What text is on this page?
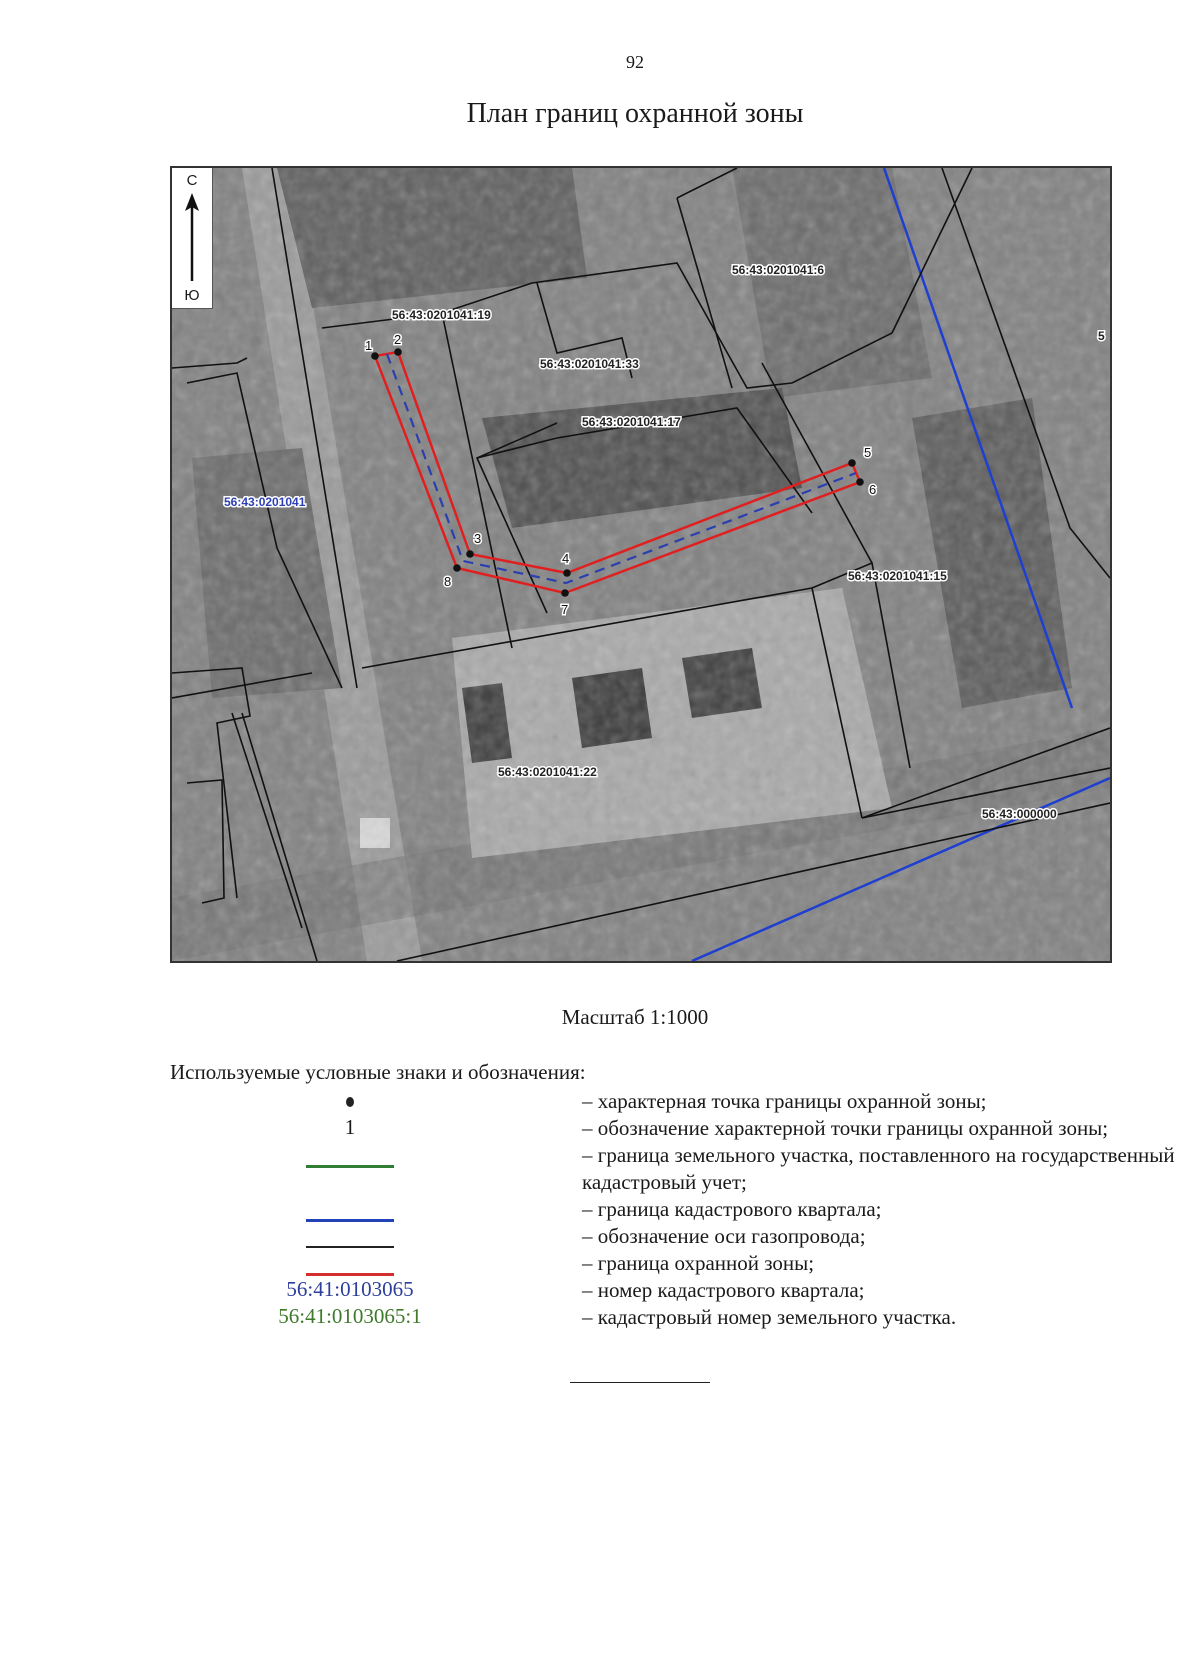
92
План границ охранной зоны
1 2
3
4
5
6
7
8
56:43:0201041
56:43:0201041:19
56:43:0201041:33
56:43:0201041:17
56:43:0201041:6
56:43:0201041:15
56:43:0201041:22
56:43:000000
5
С
Ю
Масштаб 1:1000
Используемые условные знаки и обозначения:
– характерная точка границы охранной зоны;
1	– обозначение характерной точки границы охранной зоны;
– граница земельного участка, поставленного на государственный кадастровый учет;
– граница кадастрового квартала;
– обозначение оси газопровода;
– граница охранной зоны;
56:41:0103065	– номер кадастрового квартала;
56:41:0103065:1	– кадастровый номер земельного участка.
